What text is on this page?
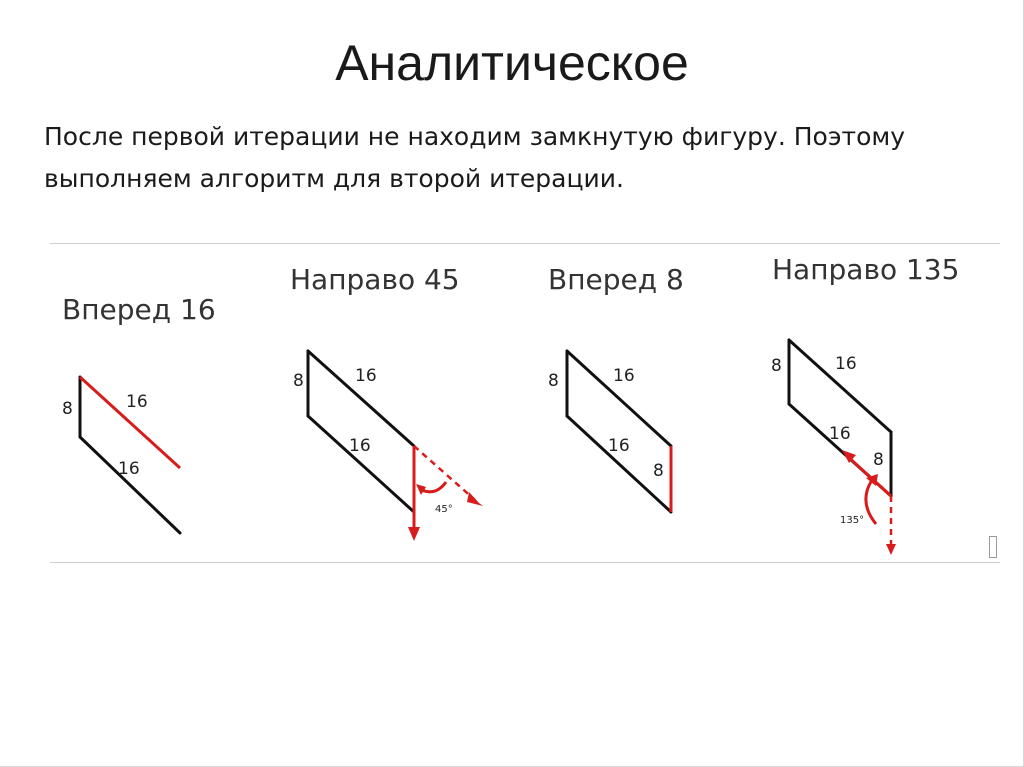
Аналитическое
После первой итерации не находим замкнутую фигуру. Поэтому
выполняем алгоритм для второй итерации.
Вперед 16
8	16
16
Направо 45
8	16
16
45°
Вперед 8
8	16
16
8
Направо 135
8	16
16
8
135°
